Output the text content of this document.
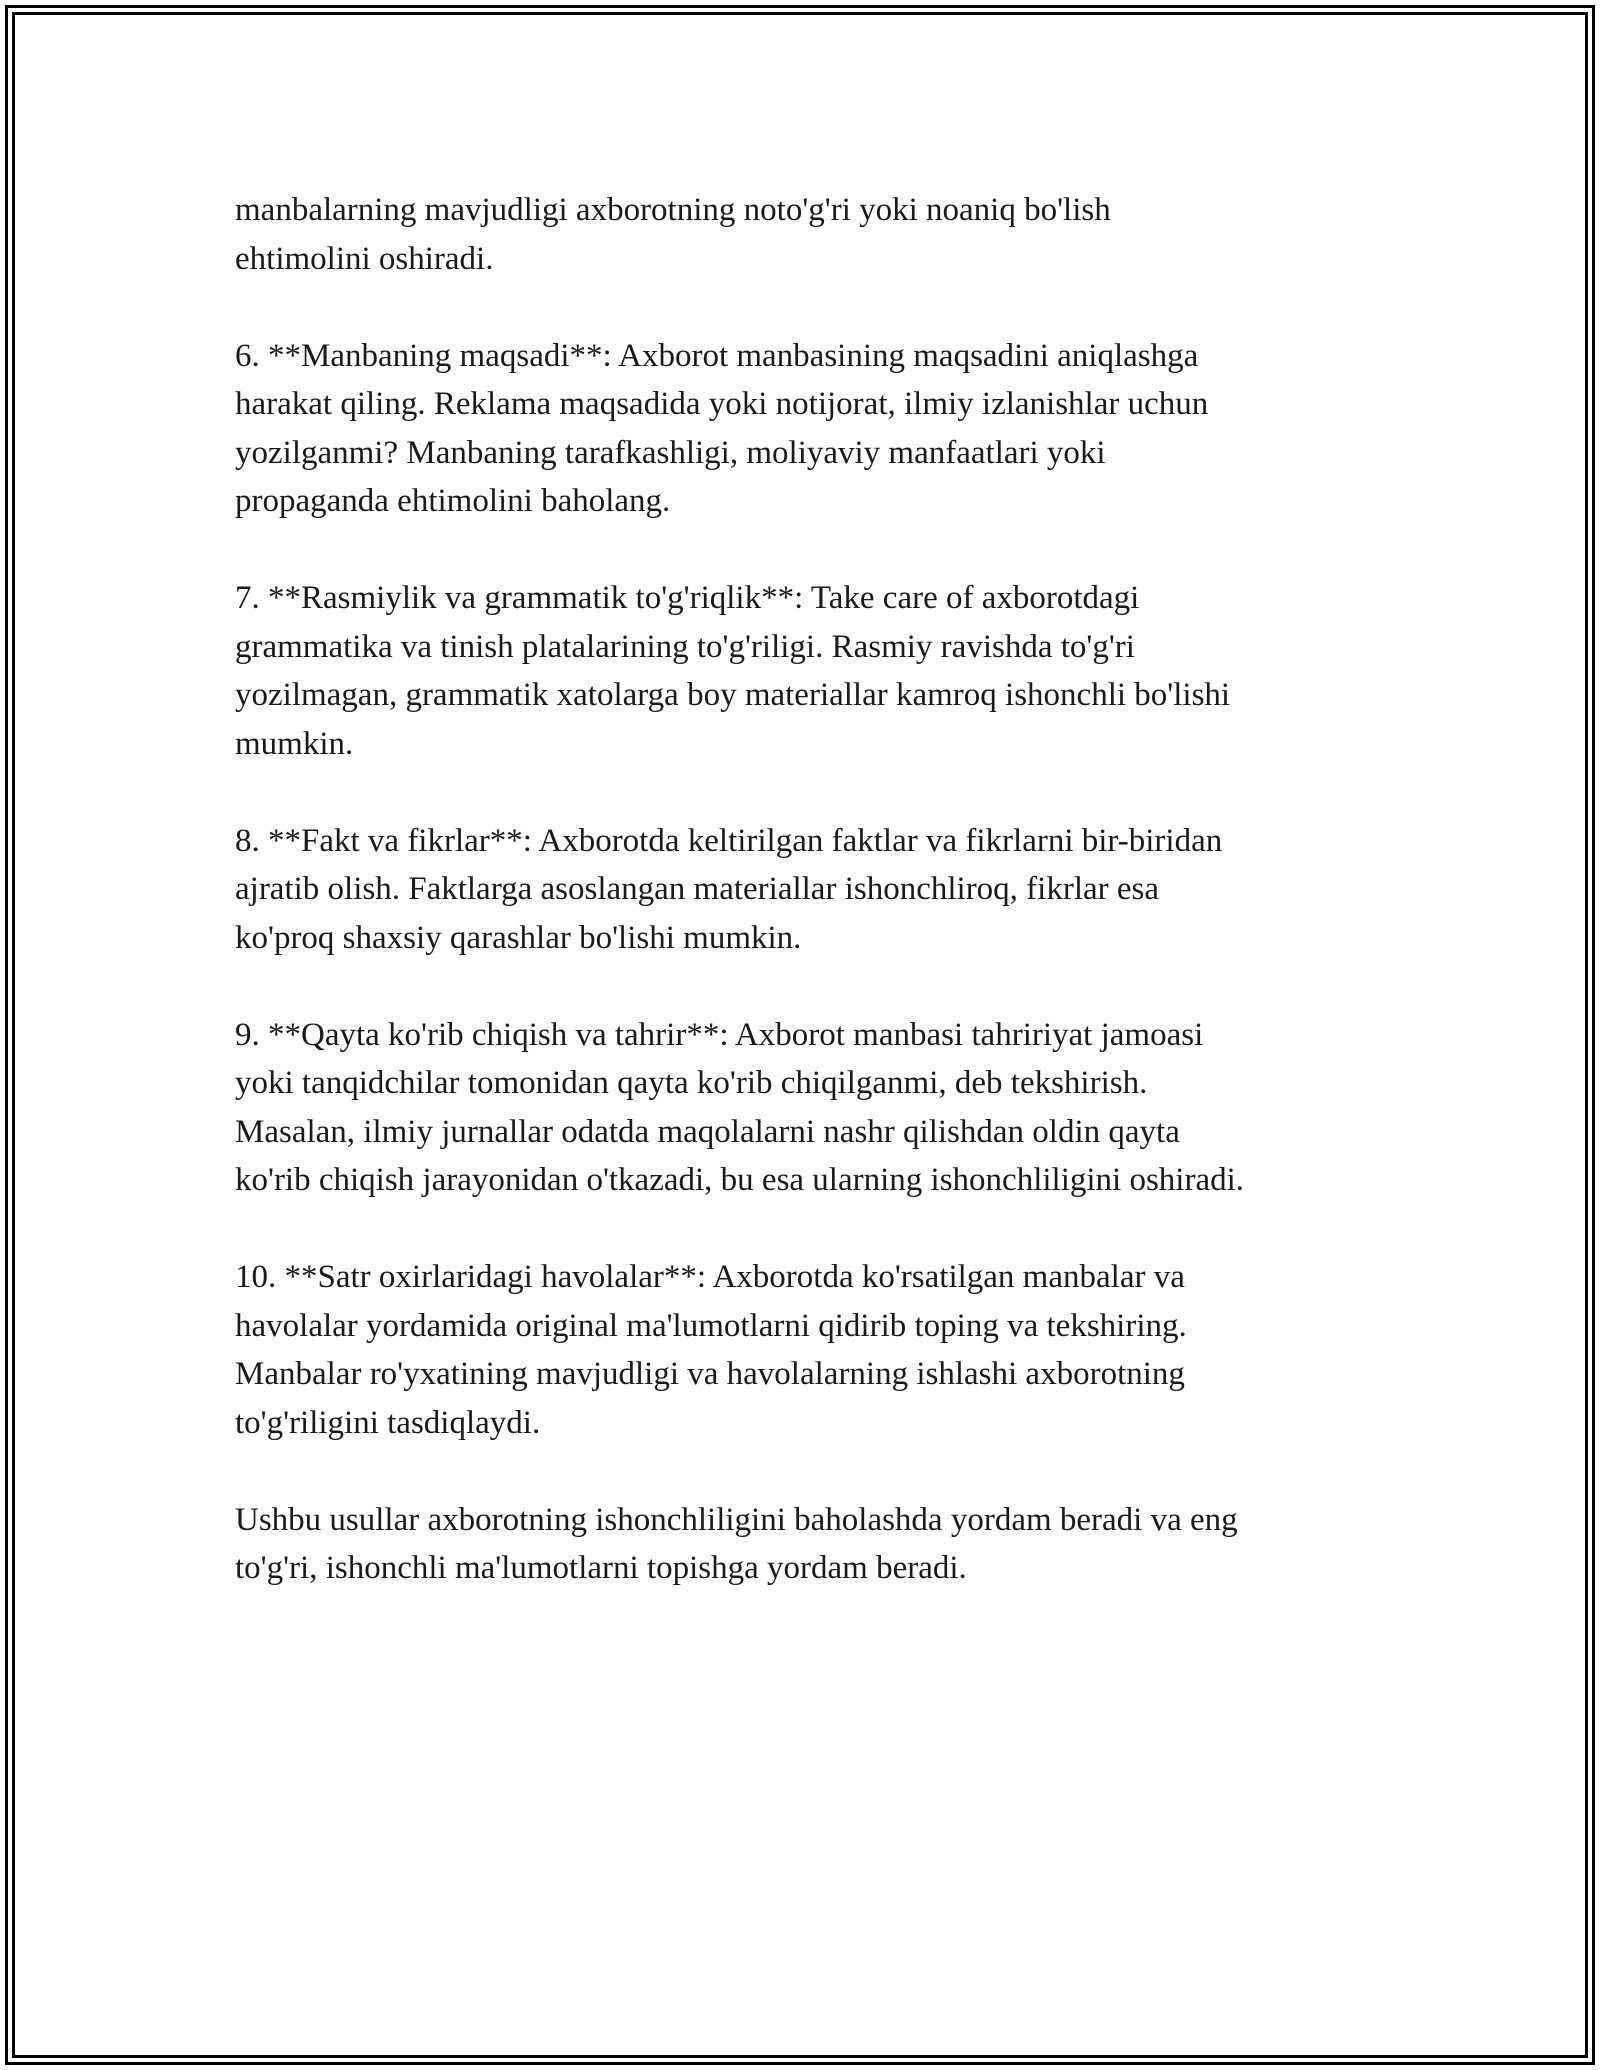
manbalarning mavjudligi axborotning noto'g'ri yoki noaniq bo'lish
ehtimolini oshiradi.

6. **Manbaning maqsadi**: Axborot manbasining maqsadini aniqlashga
harakat qiling. Reklama maqsadida yoki notijorat, ilmiy izlanishlar uchun
yozilganmi? Manbaning tarafkashligi, moliyaviy manfaatlari yoki
propaganda ehtimolini baholang.

7. **Rasmiylik va grammatik to'g'riqlik**: Take care of axborotdagi
grammatika va tinish platalarining to'g'riligi. Rasmiy ravishda to'g'ri
yozilmagan, grammatik xatolarga boy materiallar kamroq ishonchli bo'lishi
mumkin.

8. **Fakt va fikrlar**: Axborotda keltirilgan faktlar va fikrlarni bir-biridan
ajratib olish. Faktlarga asoslangan materiallar ishonchliroq, fikrlar esa
ko'proq shaxsiy qarashlar bo'lishi mumkin.

9. **Qayta ko'rib chiqish va tahrir**: Axborot manbasi tahririyat jamoasi
yoki tanqidchilar tomonidan qayta ko'rib chiqilganmi, deb tekshirish.
Masalan, ilmiy jurnallar odatda maqolalarni nashr qilishdan oldin qayta
ko'rib chiqish jarayonidan o'tkazadi, bu esa ularning ishonchliligini oshiradi.

10. **Satr oxirlaridagi havolalar**: Axborotda ko'rsatilgan manbalar va
havolalar yordamida original ma'lumotlarni qidirib toping va tekshiring.
Manbalar ro'yxatining mavjudligi va havolalarning ishlashi axborotning
to'g'riligini tasdiqlaydi.

Ushbu usullar axborotning ishonchliligini baholashda yordam beradi va eng
to'g'ri, ishonchli ma'lumotlarni topishga yordam beradi.
